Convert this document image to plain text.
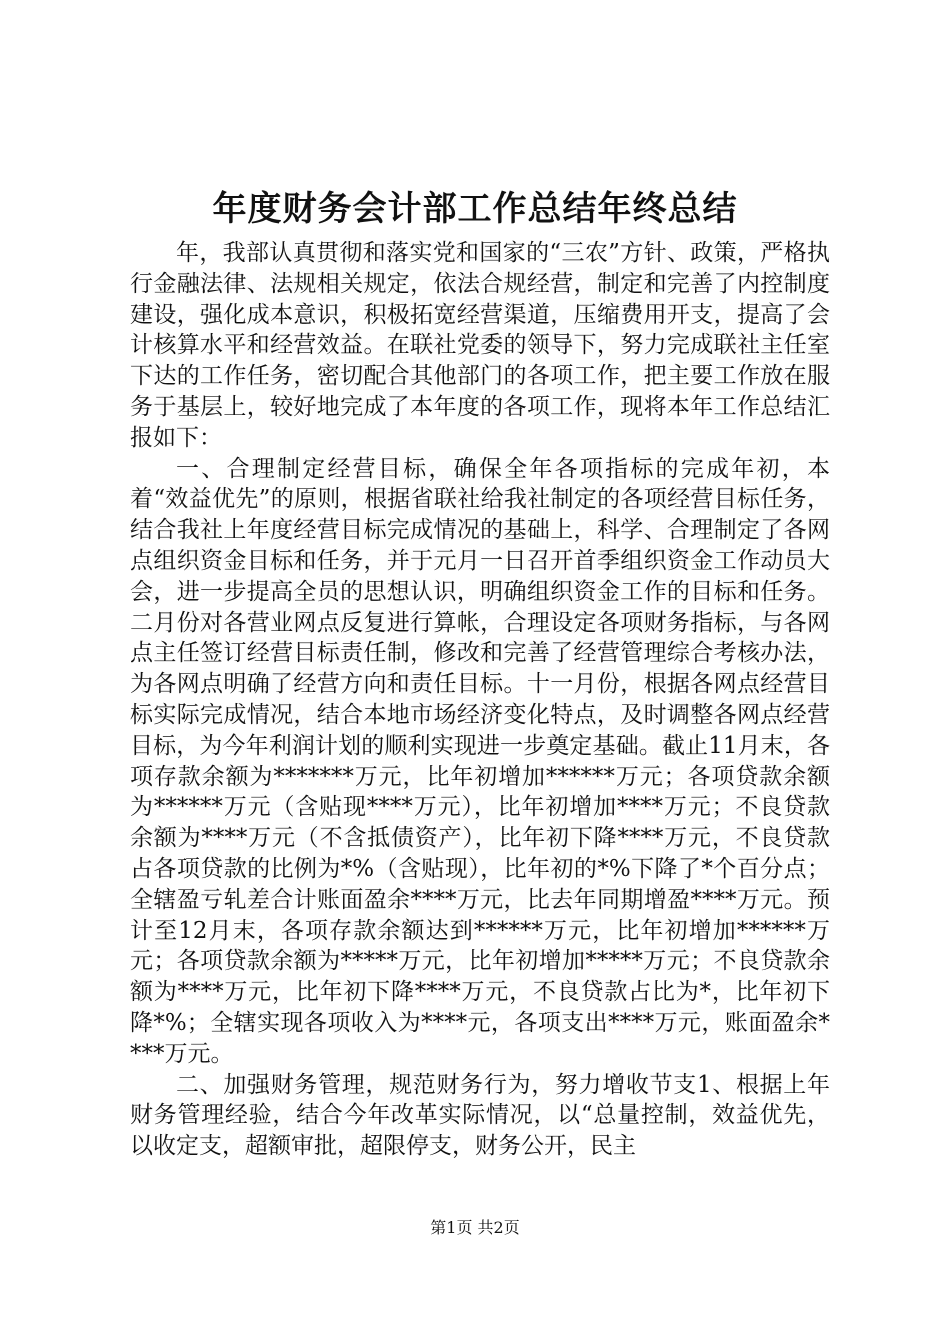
年度财务会计部工作总结年终总结

年，我部认真贯彻和落实党和国家的“三农”方针、政策，严格执行金融法律、法规相关规定，依法合规经营，制定和完善了内控制度建设，强化成本意识，积极拓宽经营渠道，压缩费用开支，提高了会计核算水平和经营效益。在联社党委的领导下，努力完成联社主任室下达的工作任务，密切配合其他部门的各项工作，把主要工作放在服务于基层上，较好地完成了本年度的各项工作，现将本年工作总结汇报如下：

一、合理制定经营目标，确保全年各项指标的完成年初，本着“效益优先”的原则，根据省联社给我社制定的各项经营目标任务，结合我社上年度经营目标完成情况的基础上，科学、合理制定了各网点组织资金目标和任务，并于元月一日召开首季组织资金工作动员大会，进一步提高全员的思想认识，明确组织资金工作的目标和任务。二月份对各营业网点反复进行算帐，合理设定各项财务指标，与各网点主任签订经营目标责任制，修改和完善了经营管理综合考核办法，为各网点明确了经营方向和责任目标。十一月份，根据各网点经营目标实际完成情况，结合本地市场经济变化特点，及时调整各网点经营目标，为今年利润计划的顺利实现进一步奠定基础。截止11月末，各项存款余额为*******万元，比年初增加******万元；各项贷款余额为******万元（含贴现****万元），比年初增加****万元；不良贷款余额为****万元（不含抵债资产），比年初下降****万元，不良贷款占各项贷款的比例为*%（含贴现），比年初的*%下降了*个百分点；全辖盈亏轧差合计账面盈余****万元，比去年同期增盈****万元。预计至12月末，各项存款余额达到******万元，比年初增加******万元；各项贷款余额为*****万元，比年初增加*****万元；不良贷款余额为****万元，比年初下降****万元，不良贷款占比为*，比年初下降*%；全辖实现各项收入为****元，各项支出****万元，账面盈余****万元。

二、加强财务管理，规范财务行为，努力增收节支1、根据上年财务管理经验，结合今年改革实际情况，以“总量控制，效益优先，以收定支，超额审批，超限停支，财务公开，民主

第1页 共2页
